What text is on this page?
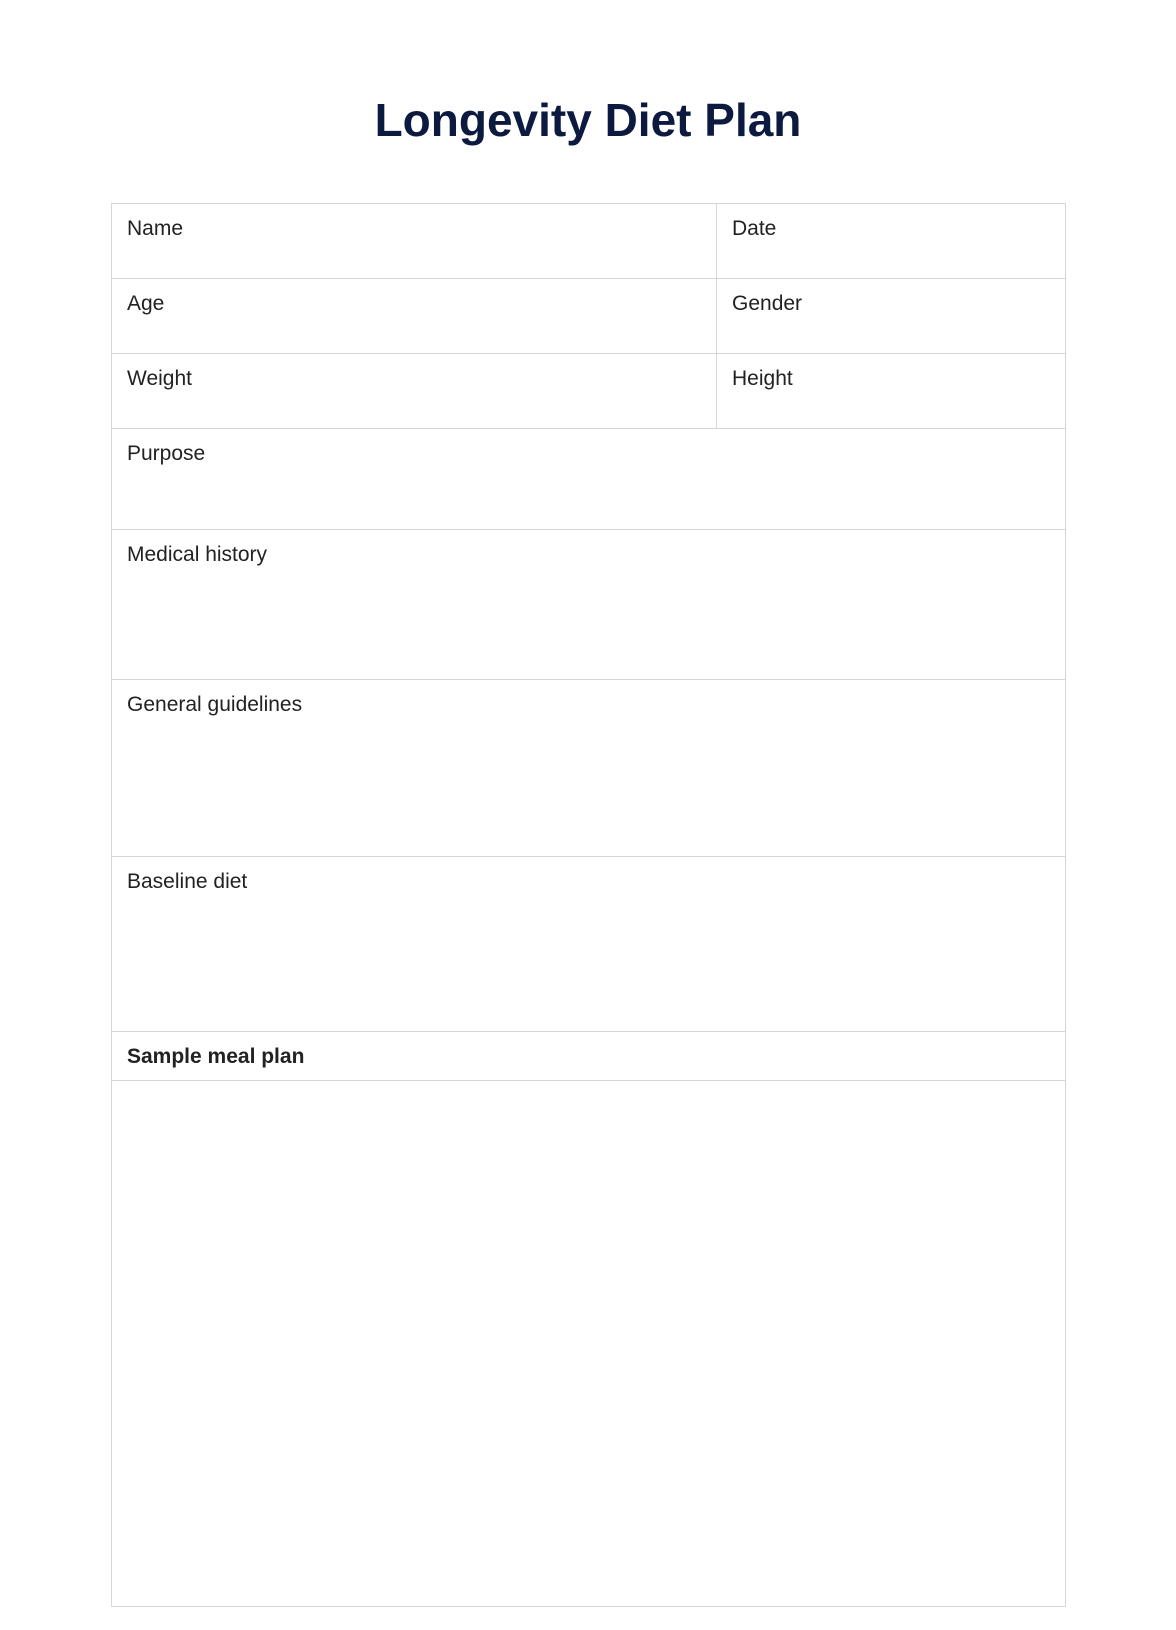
Longevity Diet Plan
Name	Date
Age	Gender
Weight	Height
Purpose
Medical history
General guidelines
Baseline diet
Sample meal plan
